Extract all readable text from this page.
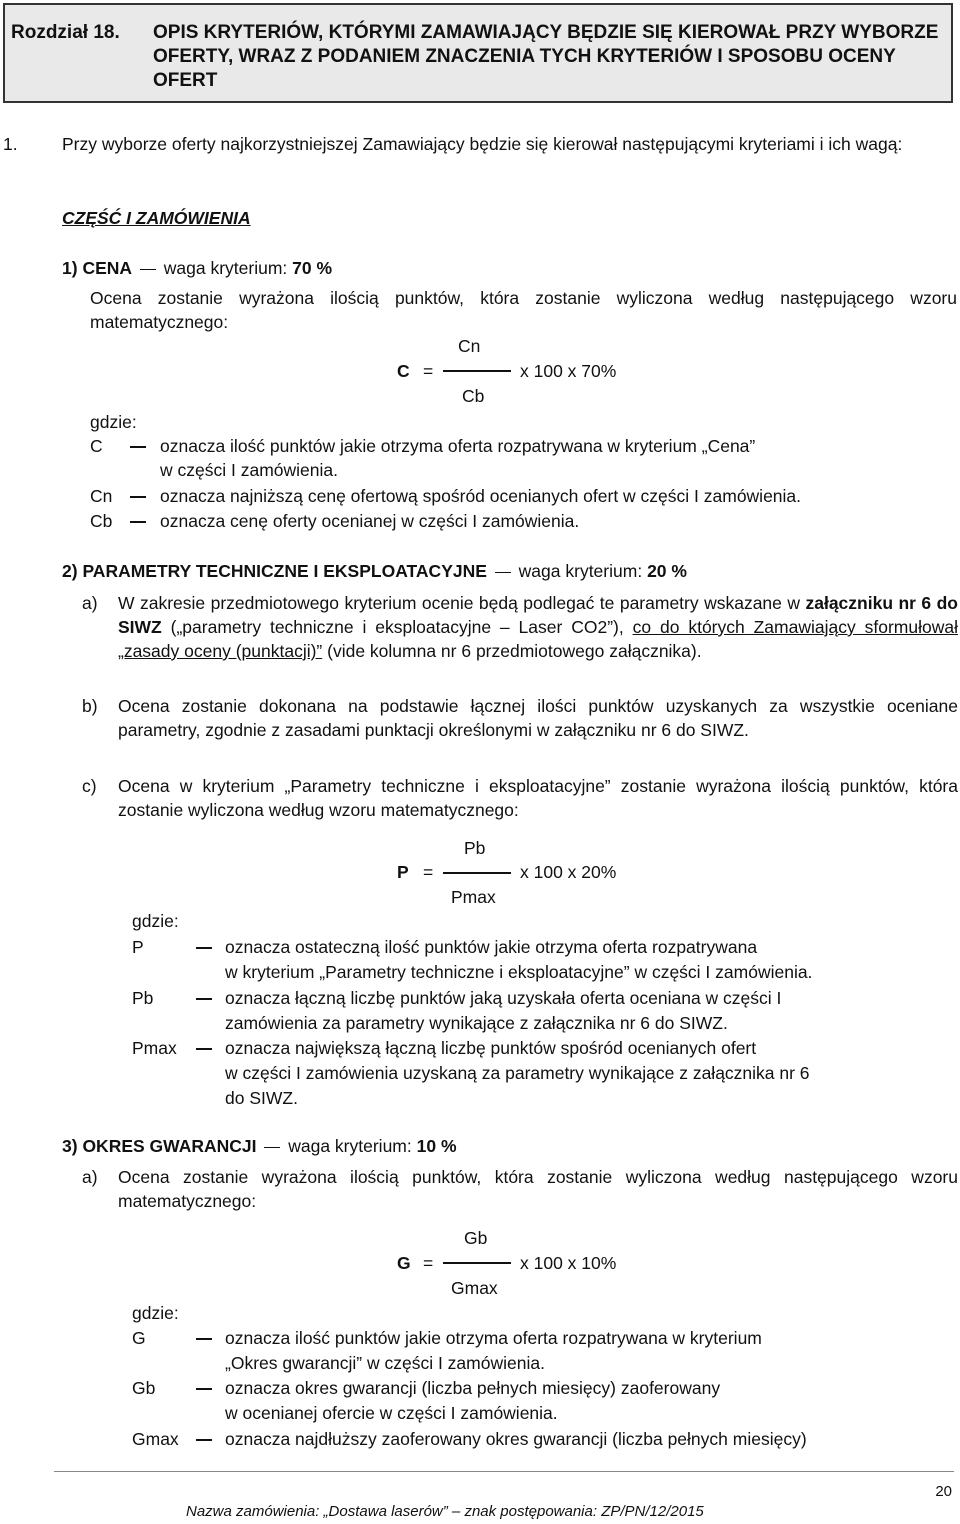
Rozdział 18. OPIS KRYTERIÓW, KTÓRYMI ZAMAWIAJĄCY BĘDZIE SIĘ KIEROWAŁ PRZY WYBORZE OFERTY, WRAZ Z PODANIEM ZNACZENIA TYCH KRYTERIÓW I SPOSOBU OCENY OFERT
1.	Przy wyborze oferty najkorzystniejszej Zamawiający będzie się kierował następującymi kryteriami i ich wagą:

CZĘŚĆ I ZAMÓWIENIA

1) CENA waga kryterium: 70 %

Ocena zostanie wyrażona ilością punktów, która zostanie wyliczona według następującego wzoru matematycznego:

Cn
C =	x 100 x 70%
Cb
gdzie:
C	oznacza ilość punktów jakie otrzyma oferta rozpatrywana w kryterium „Cena”

w części I zamówienia.
Cn	oznacza najniższą cenę ofertową spośród ocenianych ofert w części I zamówienia.
Cb	oznacza cenę oferty ocenianej w części I zamówienia.
2) PARAMETRY TECHNICZNE I EKSPLOATACYJNE waga kryterium: 20 %
a) W zakresie przedmiotowego kryterium ocenie będą podlegać te parametry wskazane w załączniku nr 6 do SIWZ („parametry techniczne i eksploatacyjne – Laser CO2”), co do których Zamawiający sformułował „zasady oceny (punktacji)” (vide kolumna nr 6 przedmiotowego załącznika).

b) Ocena zostanie dokonana na podstawie łącznej ilości punktów uzyskanych za wszystkie oceniane parametry, zgodnie z zasadami punktacji określonymi w załączniku nr 6 do SIWZ.

c) Ocena w kryterium „Parametry techniczne i eksploatacyjne” zostanie wyrażona ilością punktów, która zostanie wyliczona według wzoru matematycznego:

Pb
P =	x 100 x 20%
Pmax
gdzie:
P	oznacza ostateczną ilość punktów jakie otrzyma oferta rozpatrywana

w kryterium „Parametry techniczne i eksploatacyjne” w części I zamówienia.
Pb	oznacza łączną liczbę punktów jaką uzyskała oferta oceniana w części I

zamówienia za parametry wynikające z załącznika nr 6 do SIWZ.
Pmax	oznacza największą łączną liczbę punktów spośród ocenianych ofert

w części I zamówienia uzyskaną za parametry wynikające z załącznika nr 6

do SIWZ.
3) OKRES GWARANCJI waga kryterium: 10 %
a) Ocena zostanie wyrażona ilością punktów, która zostanie wyliczona według następującego wzoru matematycznego:

Gb
G =	x 100 x 10%
Gmax
gdzie:
G	oznacza ilość punktów jakie otrzyma oferta rozpatrywana w kryterium

„Okres gwarancji” w części I zamówienia.
Gb	oznacza okres gwarancji (liczba pełnych miesięcy) zaoferowany

w ocenianej ofercie w części I zamówienia.
Gmax	oznacza najdłuższy zaoferowany okres gwarancji (liczba pełnych miesięcy)
20
Nazwa zamówienia: „Dostawa laserów” – znak postępowania: ZP/PN/12/2015
